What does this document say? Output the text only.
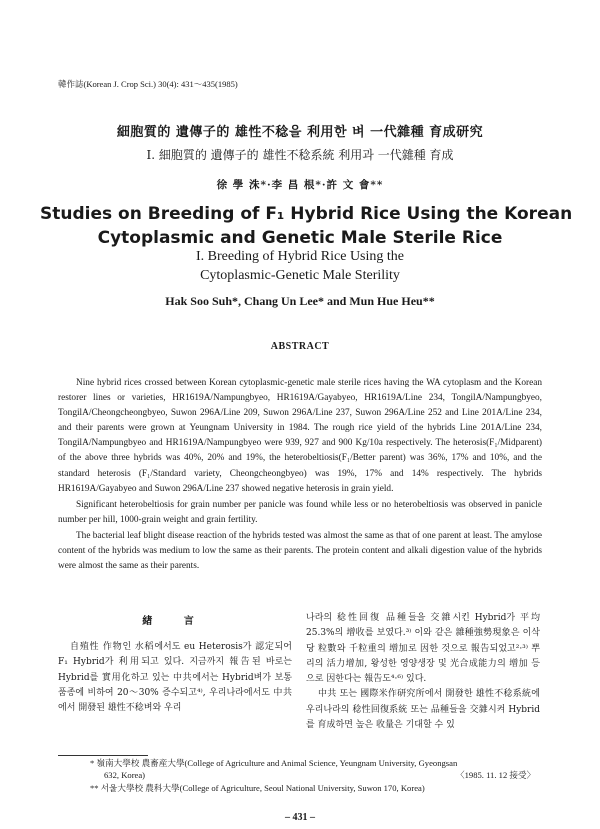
韓作誌(Korean J. Crop Sci.) 30(4): 431～435(1985)
細胞質的 遺傳子的 雄性不稔을 利用한 벼 一代雜種 育成研究
I. 細胞質的 遺傳子的 雄性不稔系統 利用과 一代雜種 育成
徐 學 洙*·李 昌 根*·許 文 會**
Studies on Breeding of F₁ Hybrid Rice Using the Korean
Cytoplasmic and Genetic Male Sterile Rice
I. Breeding of Hybrid Rice Using the
Cytoplasmic-Genetic Male Sterility
Hak Soo Suh*, Chang Un Lee* and Mun Hue Heu**
ABSTRACT

Nine hybrid rices crossed between Korean cytoplasmic-genetic male sterile rices having the WA cytoplasm and the Korean restorer lines or varieties, HR1619A/Nampungbyeo, HR1619A/Gayabyeo, HR1619A/Line 234, TongilA/Nampungbyeo, TongilA/Cheongcheongbyeo, Suwon 296A/Line 209, Suwon 296A/Line 237, Suwon 296A/Line 252 and Line 201A/Line 234, and their parents were grown at Yeungnam University in 1984. The rough rice yield of the hybrids Line 201A/Line 234, TongilA/Nampungbyeo and HR1619A/Nampungbyeo were 939, 927 and 900 Kg/10a respectively. The heterosis(F₁/Midparent) of the above three hybrids was 40%, 20% and 19%, the heterobeltiosis(F₁/Better parent) was 36%, 17% and 10%, and the standard heterosis (F₁/Standard variety, Cheongcheongbyeo) was 19%, 17% and 14% respectively. The hybrids HR1619A/Gayabyeo and Suwon 296A/Line 237 showed negative heterosis in grain yield.

Significant heterobeltiosis for grain number per panicle was found while less or no heterobeltiosis was observed in panicle number per hill, 1000-grain weight and grain fertility.

The bacterial leaf blight disease reaction of the hybrids tested was almost the same as that of one parent at least. The amylose content of the hybrids was medium to low the same as their parents. The protein content and alkali digestion value of the hybrids were almost the same as their parents.

緖 言

自殖性 作物인 水稻에서도 eu Heterosis가 認定되어 F₁ Hybrid가 利用되고 있다. 지금까지 報告된 바로는 Hybrid를 實用化하고 있는 中共에서는 Hybrid벼가 보통품종에 비하여 20～30% 증수되고⁴⁾, 우리나라에서도 中共에서 開發된 雄性不稔벼와 우리

나라의 稔性回復 品種들을 交雜시킨 Hybrid가 平均 25.3%의 增收를 보였다.³⁾ 이와 같은 雜種強勢現象은 이삭당 粒數와 千粒重의 增加로 因한 것으로 報告되었고²·³⁾ 뿌리의 活力增加, 왕성한 영양생장 및 光合成能力의 增加 등으로 因한다는 報告도⁴·⁶⁾ 있다.

中共 또는 國際米作研究所에서 開發한 雄性不稔系統에 우리나라의 稔性回復系統 또는 品種들을 交雜시켜 Hybrid를 育成하면 높은 收量은 기대할 수 있

* 嶺南大學校 農畜産大學(College of Agriculture and Animal Science, Yeungnam University, Gyeongsan
632, Korea)	〈1985. 11. 12 接受〉
** 서울大學校 農科大學(College of Agriculture, Seoul National University, Suwon 170, Korea)
– 431 –
